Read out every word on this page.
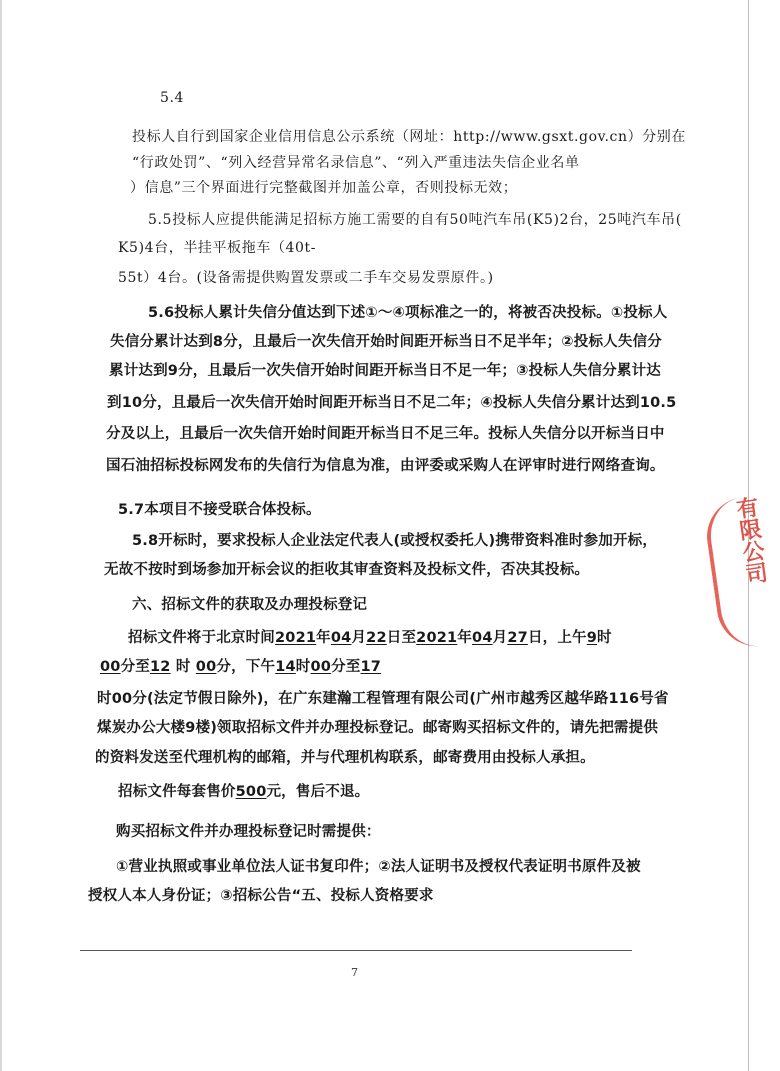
5.4
投标人自行到国家企业信用信息公示系统（网址：http://www.gsxt.gov.cn）分别在
“行政处罚”、“列入经营异常名录信息”、“列入严重违法失信企业名单
）信息”三个界面进行完整截图并加盖公章，否则投标无效；
5.5投标人应提供能满足招标方施工需要的自有50吨汽车吊(K5)2台，25吨汽车吊(
K5)4台，半挂平板拖车（40t-
55t）4台。(设备需提供购置发票或二手车交易发票原件。)
5.6投标人累计失信分值达到下述①～④项标准之一的，将被否决投标。①投标人
失信分累计达到8分，且最后一次失信开始时间距开标当日不足半年；②投标人失信分
累计达到9分，且最后一次失信开始时间距开标当日不足一年；③投标人失信分累计达
到10分，且最后一次失信开始时间距开标当日不足二年；④投标人失信分累计达到10.5
分及以上，且最后一次失信开始时间距开标当日不足三年。投标人失信分以开标当日中
国石油招标投标网发布的失信行为信息为准，由评委或采购人在评审时进行网络查询。
5.7本项目不接受联合体投标。
5.8开标时，要求投标人企业法定代表人(或授权委托人)携带资料准时参加开标，
无故不按时到场参加开标会议的拒收其审查资料及投标文件，否决其投标。
六、招标文件的获取及办理投标登记
招标文件将于北京时间2021年04月22日至2021年04月27日，上午9时
00分至12 时 00分，下午14时00分至17
时00分(法定节假日除外)，在广东建瀚工程管理有限公司(广州市越秀区越华路116号省
煤炭办公大楼9楼)领取招标文件并办理投标登记。邮寄购买招标文件的，请先把需提供
的资料发送至代理机构的邮箱，并与代理机构联系，邮寄费用由投标人承担。
招标文件每套售价500元，售后不退。
购买招标文件并办理投标登记时需提供：
①营业执照或事业单位法人证书复印件；②法人证明书及授权代表证明书原件及被
授权人本人身份证；③招标公告“五、投标人资格要求
7
有限公司
